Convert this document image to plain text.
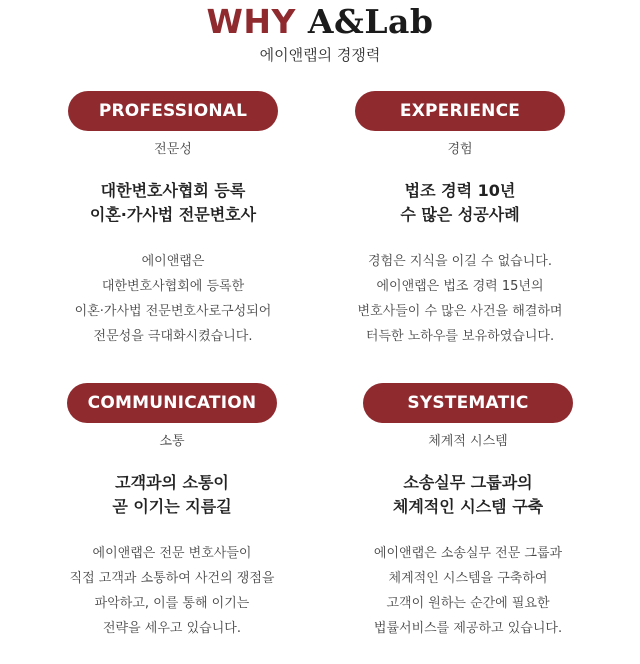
WHY A&Lab
에이앤랩의 경쟁력
PROFESSIONAL
전문성
대한변호사협회 등록
이혼·가사법 전문변호사
에이앤랩은
대한변호사협회에 등록한
이혼·가사법 전문변호사로구성되어
전문성을 극대화시켰습니다.
EXPERIENCE
경험
법조 경력 10년
수 많은 성공사례
경험은 지식을 이길 수 없습니다.
에이앤랩은 법조 경력 15년의
변호사들이 수 많은 사건을 해결하며
터득한 노하우를 보유하였습니다.
COMMUNICATION
소통
고객과의 소통이
곧 이기는 지름길
에이앤랩은 전문 변호사들이
직접 고객과 소통하여 사건의 쟁점을
파악하고, 이를 통해 이기는
전략을 세우고 있습니다.
SYSTEMATIC
체계적 시스템
소송실무 그룹과의
체계적인 시스템 구축
에이앤랩은 소송실무 전문 그룹과
체계적인 시스템을 구축하여
고객이 원하는 순간에 필요한
법률서비스를 제공하고 있습니다.
